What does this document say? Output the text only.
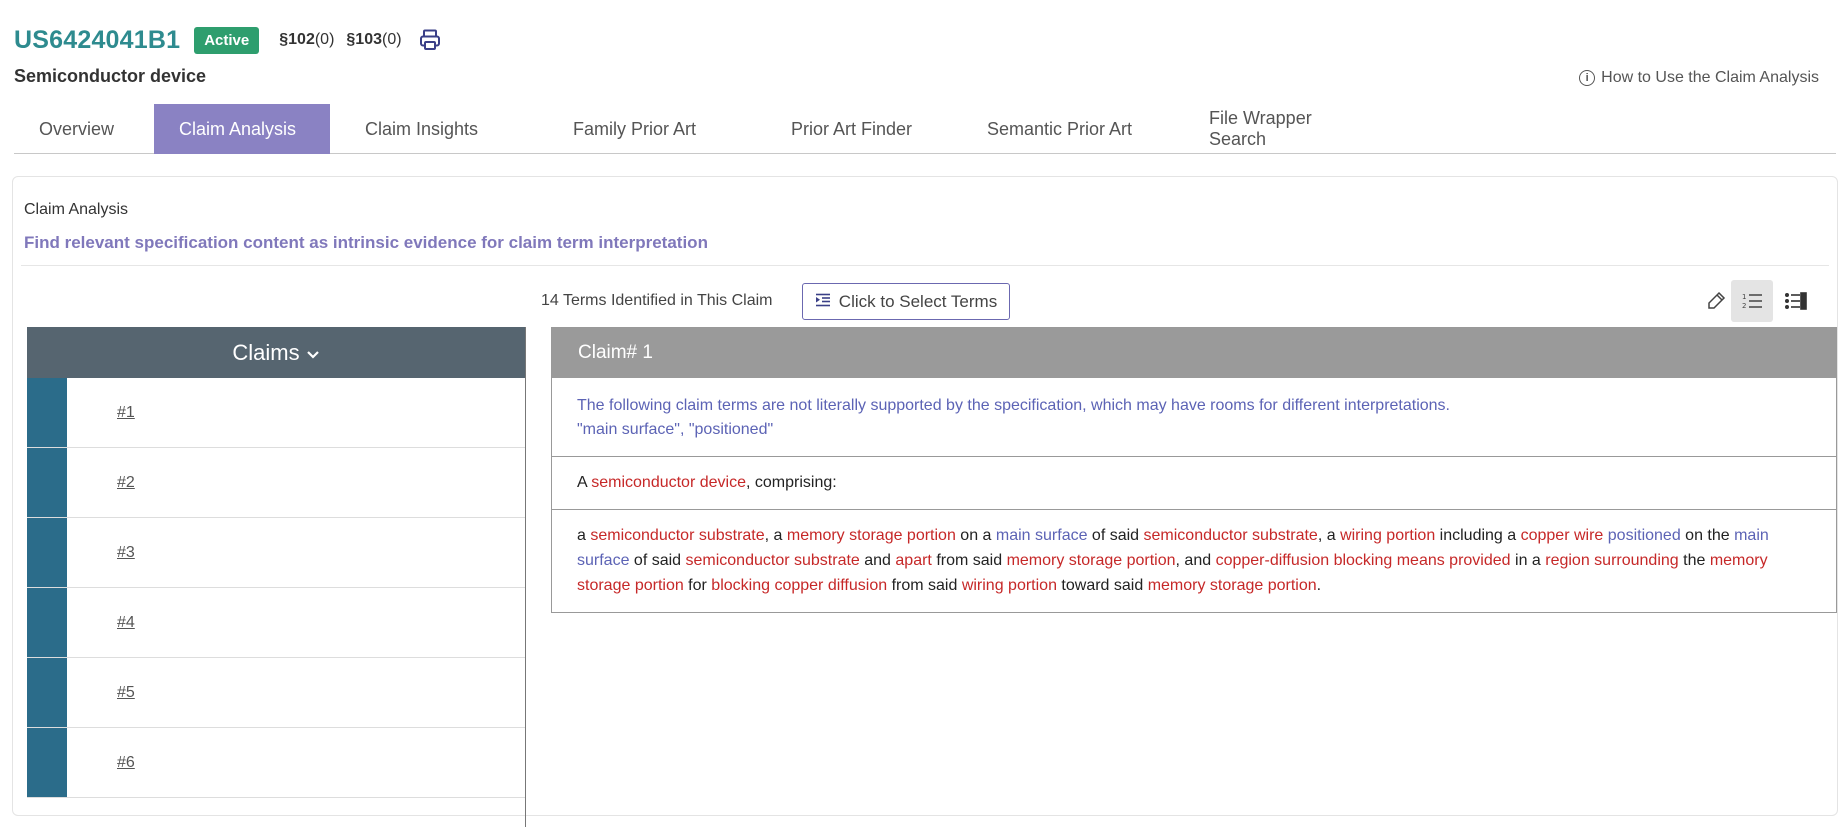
US6424041B1	Active	§102(0) §103(0)
Semiconductor device	i How to Use the Claim Analysis
Overview	Claim Analysis	Claim Insights	Family Prior Art	Prior Art Finder	Semantic Prior Art
File Wrapper Search
Claim Analysis
Find relevant specification content as intrinsic evidence for claim term interpretation
14 Terms Identified in This Claim	Click to Select Terms	1
2
Claims
#1
#2
#3
#4
#5
#6
Claim# 1
The following claim terms are not literally supported by the specification, which may have rooms for different interpretations.
"main surface", "positioned"
A semiconductor device, comprising:
a semiconductor substrate, a memory storage portion on a main surface of said semiconductor substrate, a wiring portion including a copper wire positioned on the main surface of said semiconductor substrate and apart from said memory storage portion, and copper-diffusion blocking means provided in a region surrounding the memory storage portion for blocking copper diffusion from said wiring portion toward said memory storage portion.
